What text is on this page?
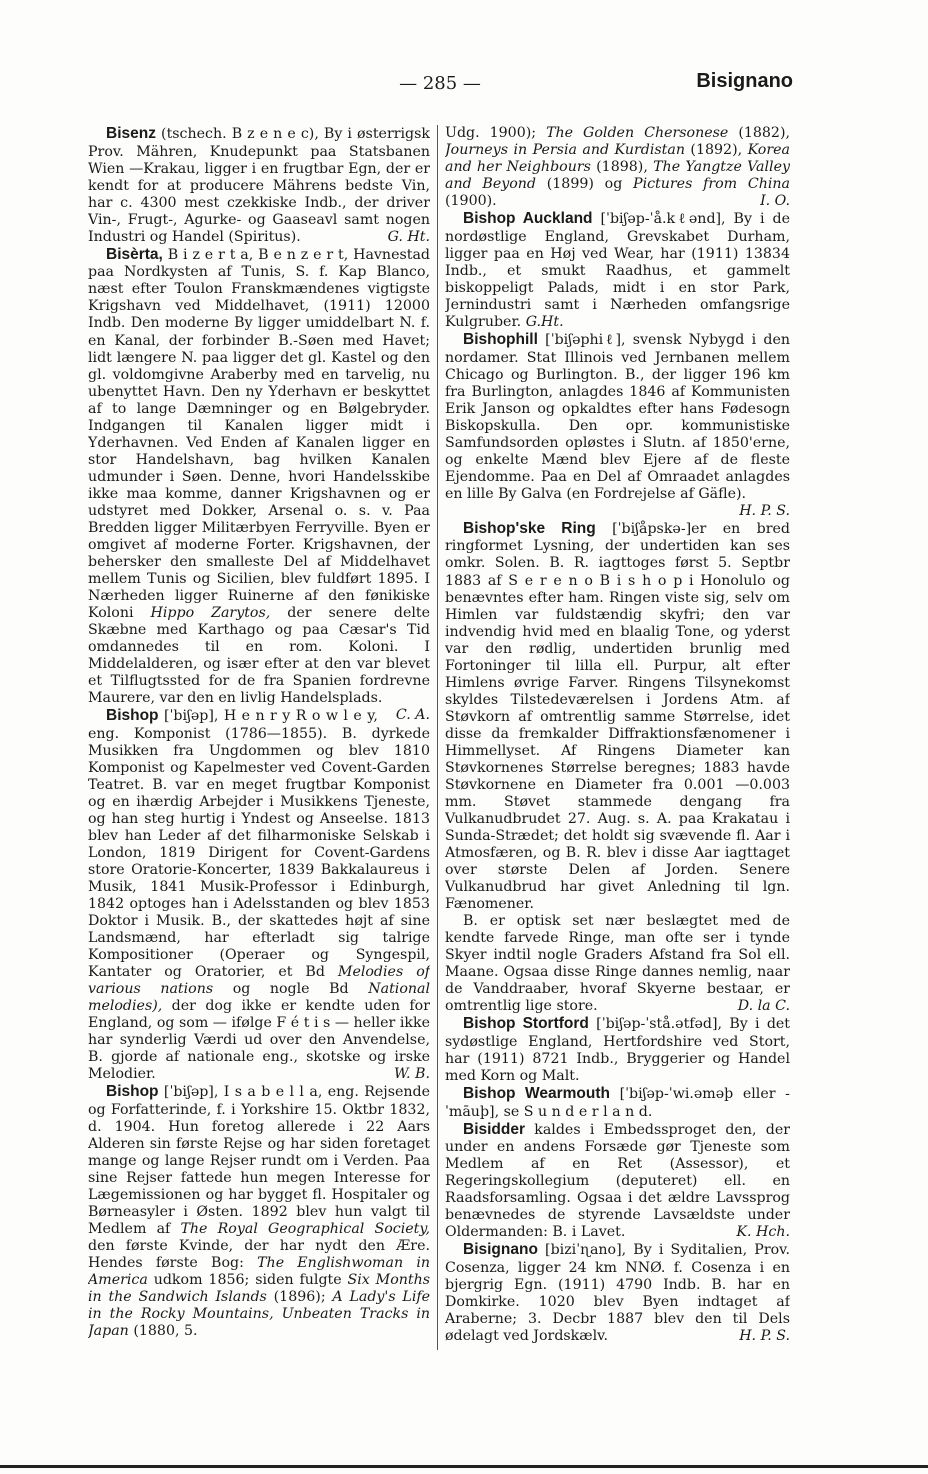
— 285 —	Bisignano

Bisenz (tschech. B z e n e c), By i østerrigsk Prov. Mähren, Knudepunkt paa Statsbanen Wien —Krakau, ligger i en frugtbar Egn, der er kendt for at producere Mährens bedste Vin, har c. 4300 mest czekkiske Indb., der driver Vin-, Frugt-, Agurke- og Gaaseavl samt nogen Industri og Handel (Spiritus).	G. Ht.

Bisèrta, B i z e r t a, B e n z e r t, Havnestad paa Nordkysten af Tunis, S. f. Kap Blanco, næst efter Toulon Franskmændenes vigtigste Krigshavn ved Middelhavet, (1911) 12000 Indb. Den moderne By ligger umiddelbart N. f. en Kanal, der forbinder B.-Søen med Havet; lidt længere N. paa ligger det gl. Kastel og den gl. voldomgivne Araberby med en tarvelig, nu ubenyttet Havn. Den ny Yderhavn er beskyttet af to lange Dæmninger og en Bølgebryder. Indgangen til Kanalen ligger midt i Yderhavnen. Ved Enden af Kanalen ligger en stor Handelshavn, bag hvilken Kanalen udmunder i Søen. Denne, hvori Handelsskibe ikke maa komme, danner Krigshavnen og er udstyret med Dokker, Arsenal o. s. v. Paa Bredden ligger Militærbyen Ferryville. Byen er omgivet af moderne Forter. Krigshavnen, der behersker den smalleste Del af Middelhavet mellem Tunis og Sicilien, blev fuldført 1895. I Nærheden ligger Ruinerne af den fønikiske Koloni Hippo Zarytos, der senere delte Skæbne med Karthago og paa Cæsar's Tid omdannedes til en rom. Koloni. I Middelalderen, og især efter at den var blevet et Tilflugtssted for de fra Spanien fordrevne Maurere, var den en livlig Handelsplads.
C. A.

Bishop [ˈbiʃəp], H e n r y R o w l e y, eng. Komponist (1786—1855). B. dyrkede Musikken fra Ungdommen og blev 1810 Komponist og Kapelmester ved Covent-Garden Teatret. B. var en meget frugtbar Komponist og en ihærdig Arbejder i Musikkens Tjeneste, og han steg hurtig i Yndest og Anseelse. 1813 blev han Leder af det filharmoniske Selskab i London, 1819 Dirigent for Covent-Gardens store Oratorie-Koncerter, 1839 Bakkalaureus i Musik, 1841 Musik-Professor i Edinburgh, 1842 optoges han i Adelsstanden og blev 1853 Doktor i Musik. B., der skattedes højt af sine Landsmænd, har efterladt sig talrige Kompositioner (Operaer og Syngespil, Kantater og Oratorier, et Bd Melodies of various nations og nogle Bd National melodies), der dog ikke er kendte uden for England, og som — ifølge F é t i s — heller ikke har synderlig Værdi ud over den Anvendelse, B. gjorde af nationale eng., skotske og irske Melodier.	W. B.

Bishop [ˈbiʃəp], I s a b e l l a, eng. Rejsende og Forfatterinde, f. i Yorkshire 15. Oktbr 1832, d. 1904. Hun foretog allerede i 22 Aars Alderen sin første Rejse og har siden foretaget mange og lange Rejser rundt om i Verden. Paa sine Rejser fattede hun megen Interesse for Lægemissionen og har bygget fl. Hospitaler og Børneasyler i Østen. 1892 blev hun valgt til Medlem af The Royal Geographical Society, den første Kvinde, der har nydt den Ære. Hendes første Bog: The Englishwoman in America udkom 1856; siden fulgte Six Months in the Sandwich Islands (1896); A Lady's Life in the Rocky Mountains, Unbeaten Tracks in Japan (1880, 5.

Udg. 1900); The Golden Chersonese (1882), Journeys in Persia and Kurdistan (1892), Korea and her Neighbours (1898), The Yangtze Valley and Beyond (1899) og Pictures from China (1900).	I. O.

Bishop Auckland [ˈbiʃəp-ˈå.kℓənd], By i de nordøstlige England, Grevskabet Durham, ligger paa en Høj ved Wear, har (1911) 13834 Indb., et smukt Raadhus, et gammelt biskoppeligt Palads, midt i en stor Park, Jernindustri samt i Nærheden omfangsrige Kulgruber. G.Ht.

Bishophill [ˈbiʃəphiℓ], svensk Nybygd i den nordamer. Stat Illinois ved Jernbanen mellem Chicago og Burlington. B., der ligger 196 km fra Burlington, anlagdes 1846 af Kommunisten Erik Janson og opkaldtes efter hans Fødesogn Biskopskulla. Den opr. kommunistiske Samfundsorden opløstes i Slutn. af 1850'erne, og enkelte Mænd blev Ejere af de fleste Ejendomme. Paa en Del af Omraadet anlagdes en lille By Galva (en Fordrejelse af Gäfle).

H. P. S.

Bishop'ske Ring [ˈbiʃåpskə-]er en bred ringformet Lysning, der undertiden kan ses omkr. Solen. B. R. iagttoges først 5. Septbr 1883 af S e r e n o B i s h o p i Honolulo og benævntes efter ham. Ringen viste sig, selv om Himlen var fuldstændig skyfri; den var indvendig hvid med en blaalig Tone, og yderst var den rødlig, undertiden brunlig med Fortoninger til lilla ell. Purpur, alt efter Himlens øvrige Farver. Ringens Tilsynekomst skyldes Tilstedeværelsen i Jordens Atm. af Støvkorn af omtrentlig samme Størrelse, idet disse da fremkalder Diffraktionsfænomener i Himmellyset. Af Ringens Diameter kan Støvkornenes Størrelse beregnes; 1883 havde Støvkornene en Diameter fra 0.001 —0.003 mm. Støvet stammede dengang fra Vulkanudbrudet 27. Aug. s. A. paa Krakatau i Sunda-Strædet; det holdt sig svævende fl. Aar i Atmosfæren, og B. R. blev i disse Aar iagttaget over største Delen af Jorden. Senere Vulkanudbrud har givet Anledning til lgn. Fænomener.

B. er optisk set nær beslægtet med de kendte farvede Ringe, man ofte ser i tynde Skyer indtil nogle Graders Afstand fra Sol ell. Maane. Ogsaa disse Ringe dannes nemlig, naar de Vanddraaber, hvoraf Skyerne bestaar, er omtrentlig lige store.	D. la C.

Bishop Stortford [ˈbiʃəp-ˈstå.ətfəd], By i det sydøstlige England, Hertfordshire ved Stort, har (1911) 8721 Indb., Bryggerier og Handel med Korn og Malt.

Bishop Wearmouth [ˈbiʃəp-ˈwi.əməþ eller -ˈmāuþ], se S u n d e r l a n d.

Bisidder kaldes i Embedssproget den, der under en andens Forsæde gør Tjeneste som Medlem af en Ret (Assessor), et Regeringskollegium (deputeret) ell. en Raadsforsamling. Ogsaa i det ældre Lavssprog benævnedes de styrende Lavsældste under Oldermanden: B. i Lavet.	K. Hch.

Bisignano [biziˈɳano], By i Syditalien, Prov. Cosenza, ligger 24 km NNØ. f. Cosenza i en bjergrig Egn. (1911) 4790 Indb. B. har en Domkirke. 1020 blev Byen indtaget af Araberne; 3. Decbr 1887 blev den til Dels ødelagt ved Jordskælv.	H. P. S.
